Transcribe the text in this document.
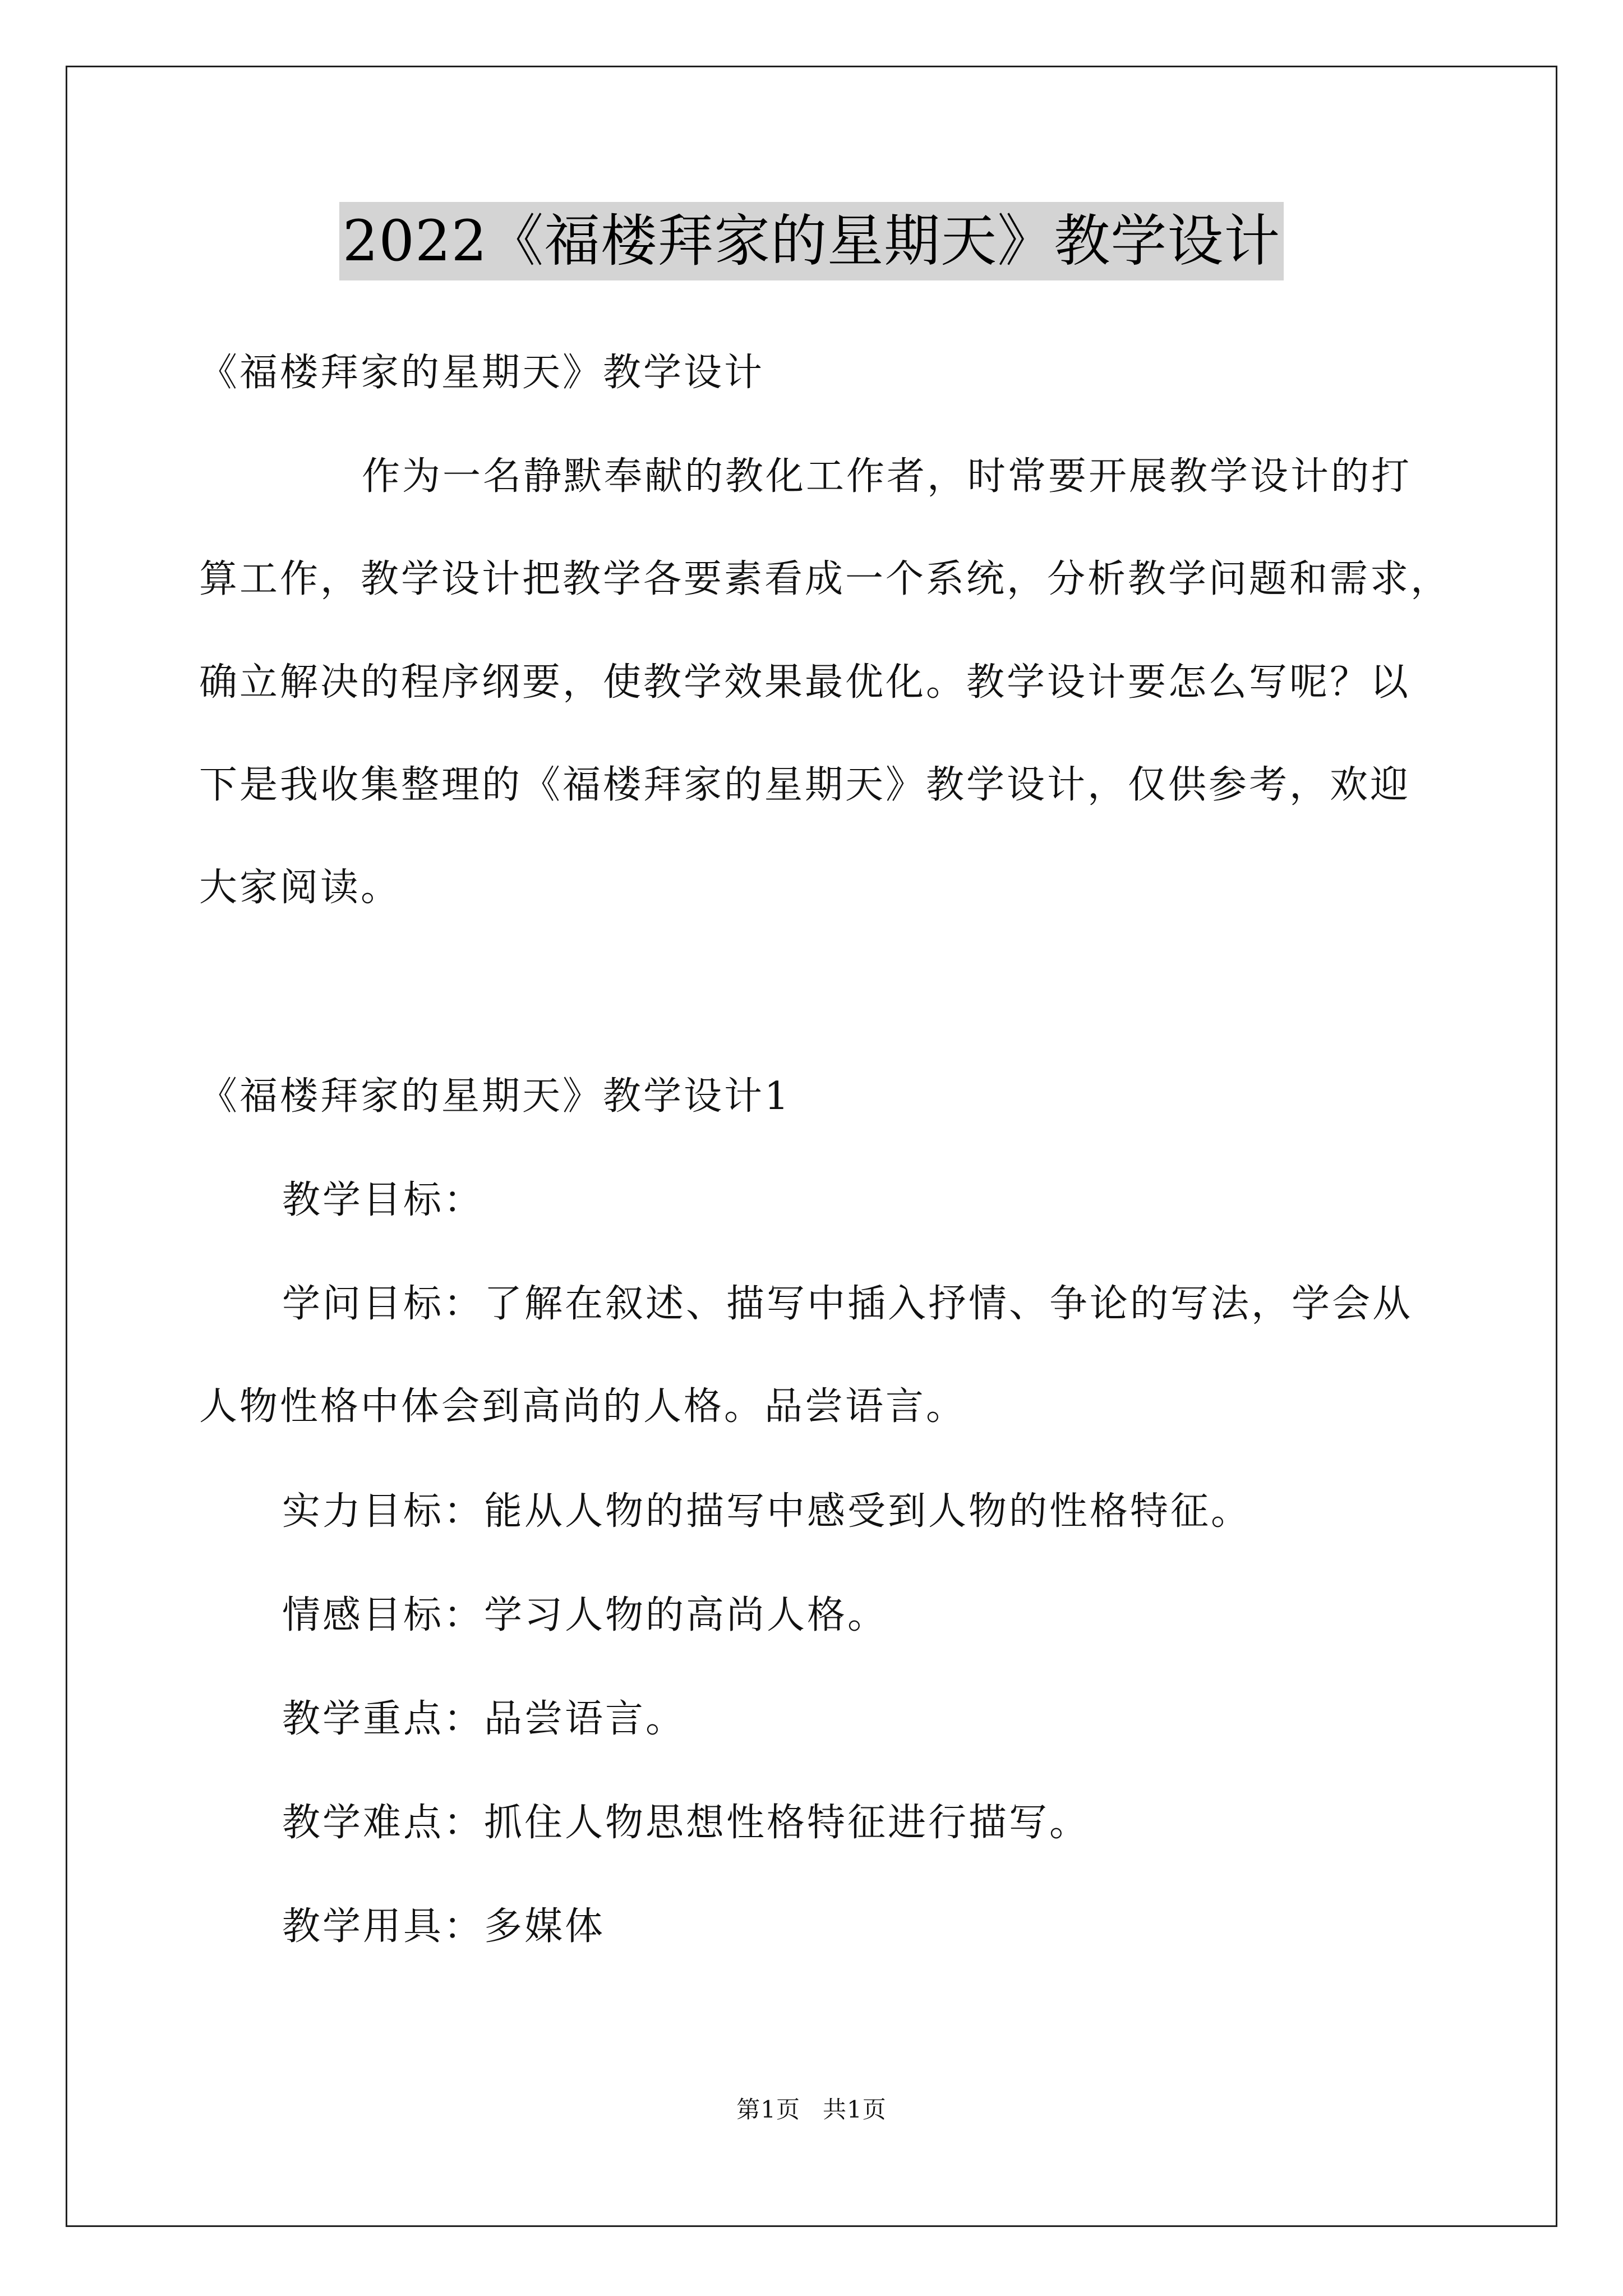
2022《福楼拜家的星期天》教学设计
《福楼拜家的星期天》教学设计
作为一名静默奉献的教化工作者，时常要开展教学设计的打
算工作，教学设计把教学各要素看成一个系统，分析教学问题和需求，
确立解决的程序纲要，使教学效果最优化。教学设计要怎么写呢？以
下是我收集整理的《福楼拜家的星期天》教学设计，仅供参考，欢迎
大家阅读。
《福楼拜家的星期天》教学设计1
教学目标：
学问目标：了解在叙述、描写中插入抒情、争论的写法，学会从
人物性格中体会到高尚的人格。品尝语言。
实力目标：能从人物的描写中感受到人物的性格特征。
情感目标：学习人物的高尚人格。
教学重点：品尝语言。
教学难点：抓住人物思想性格特征进行描写。
教学用具：多媒体
第1页 共1页
